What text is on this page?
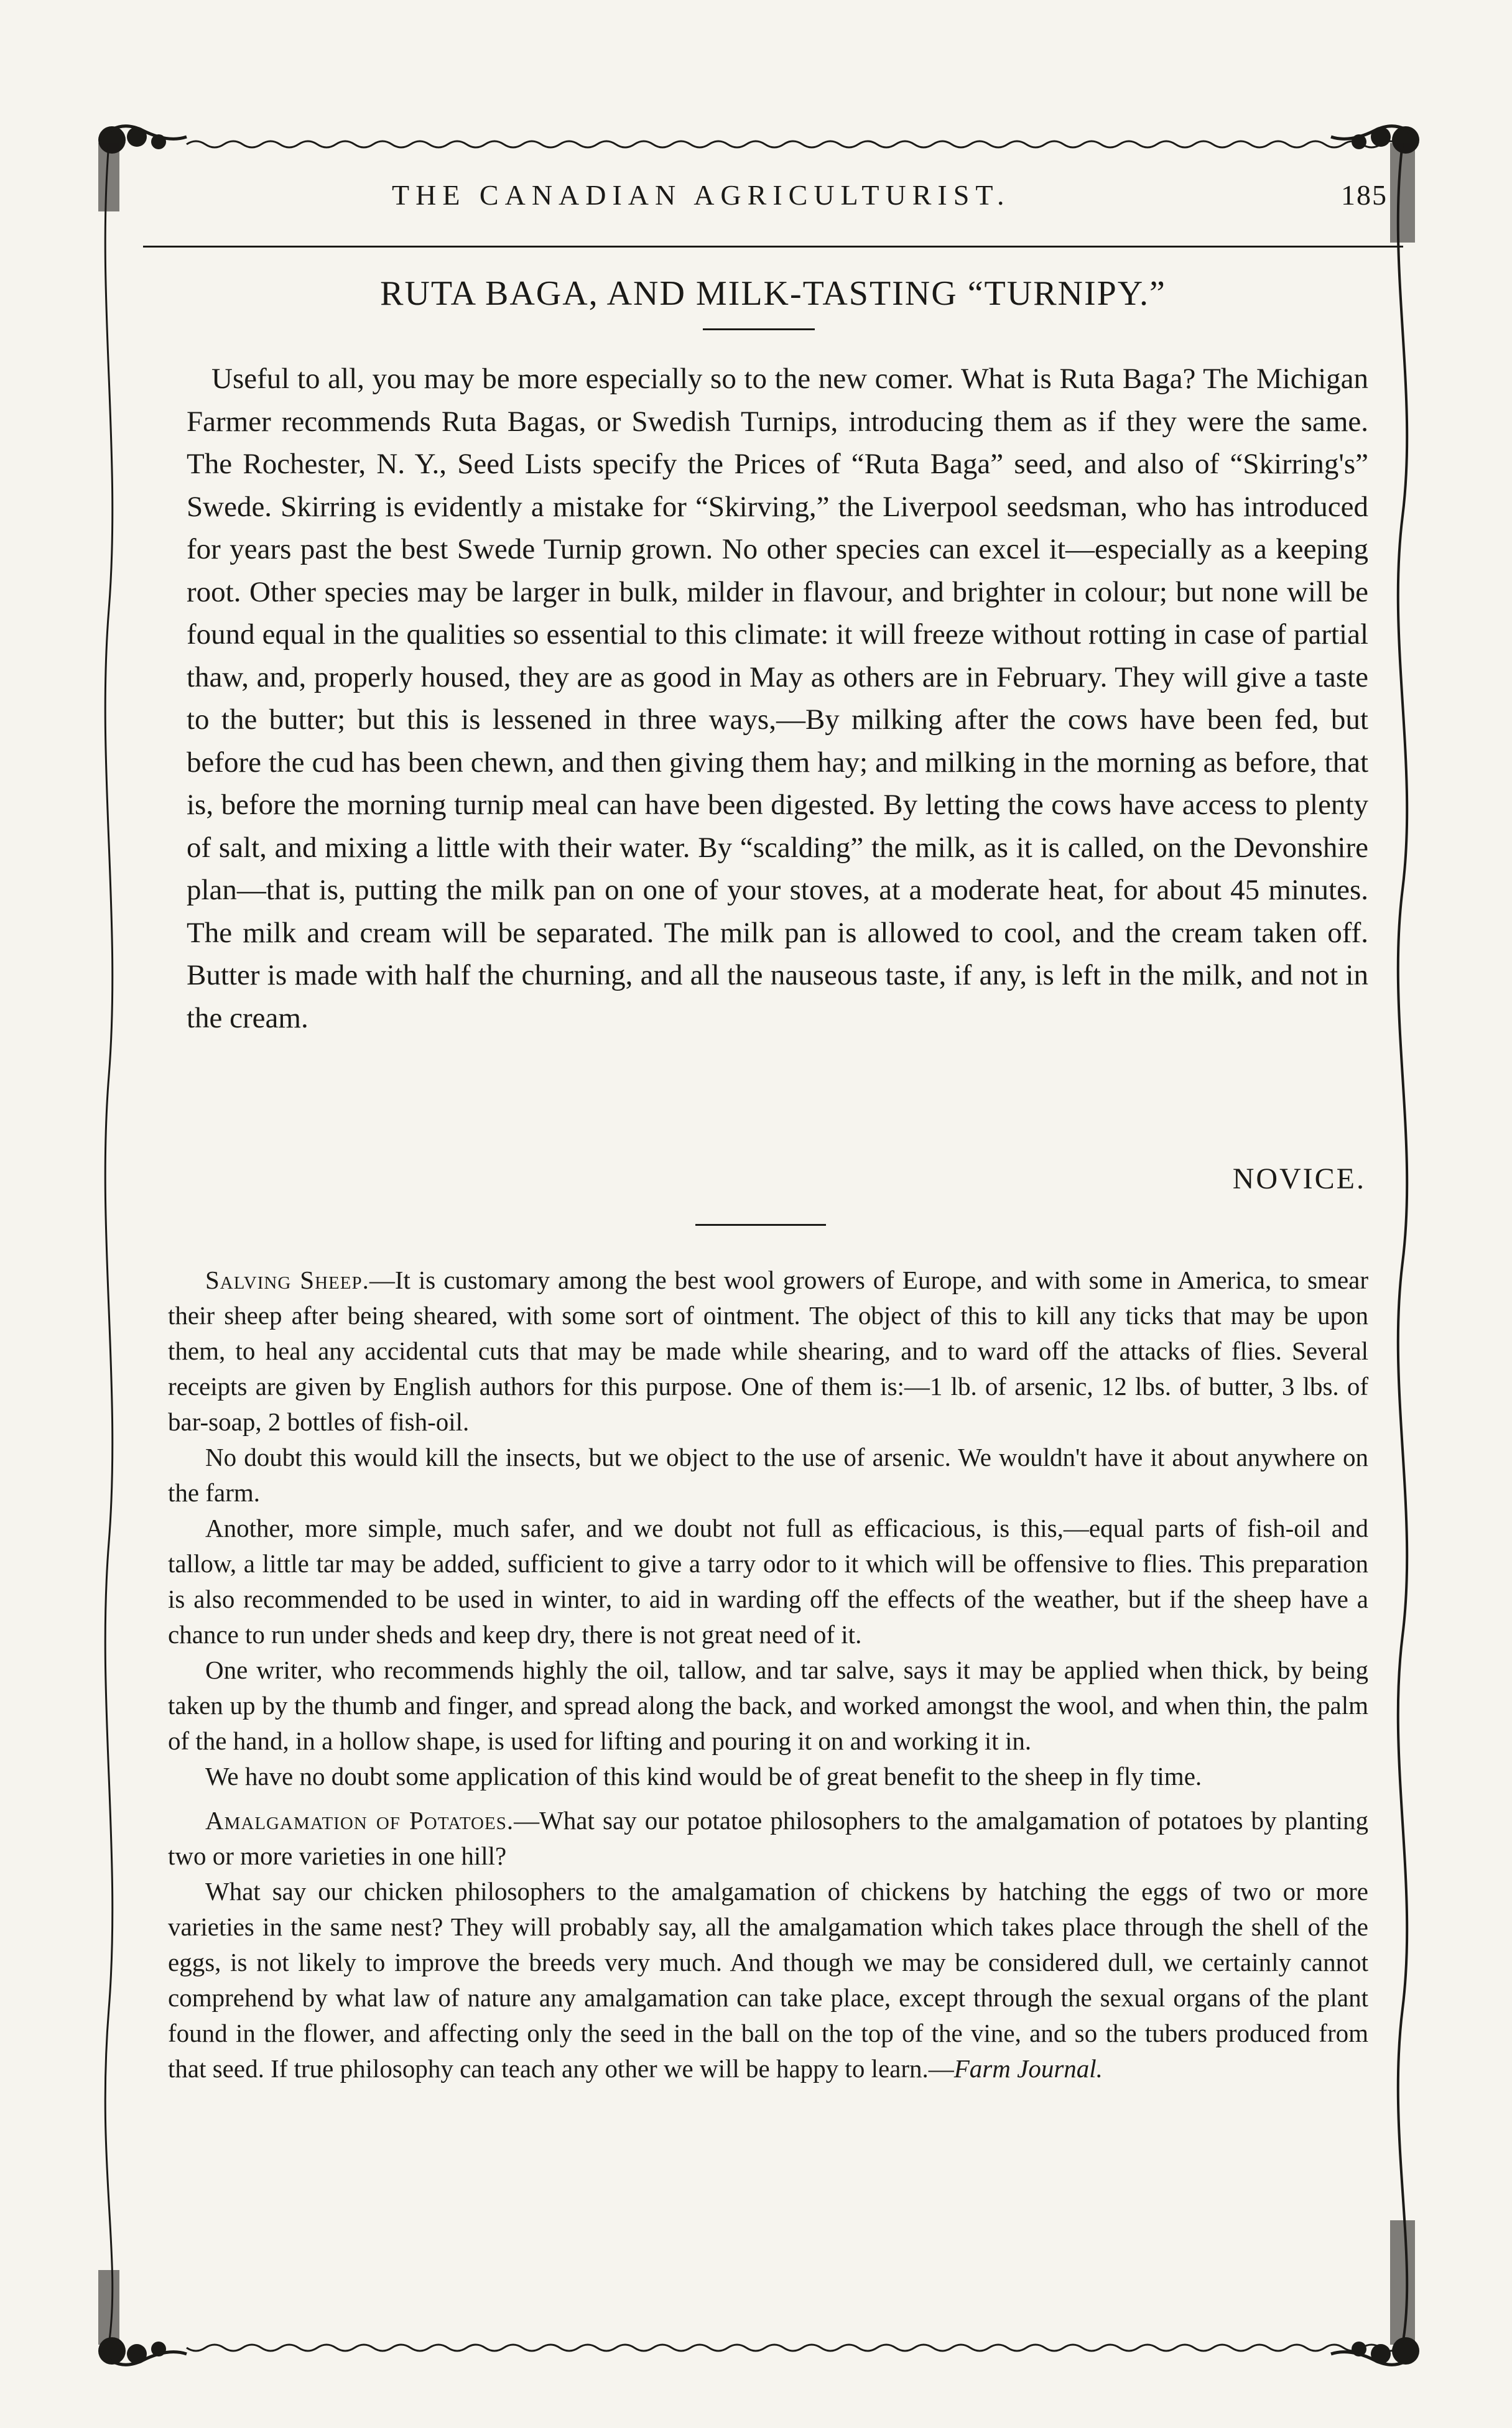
THE CANADIAN AGRICULTURIST.	185
RUTA BAGA, AND MILK-TASTING “TURNIPY.”

Useful to all, you may be more especially so to the new comer. What is Ruta Baga? The Michigan Farmer recommends Ruta Bagas, or Swedish Turnips, introducing them as if they were the same. The Rochester, N. Y., Seed Lists specify the Prices of “Ruta Baga” seed, and also of “Skirring's” Swede. Skirring is evidently a mistake for “Skirving,” the Liverpool seedsman, who has introduced for years past the best Swede Turnip grown. No other species can excel it—especially as a keeping root. Other species may be larger in bulk, milder in flavour, and brighter in colour; but none will be found equal in the qualities so essential to this climate: it will freeze without rotting in case of partial thaw, and, properly housed, they are as good in May as others are in February. They will give a taste to the butter; but this is lessened in three ways,—By milking after the cows have been fed, but before the cud has been chewn, and then giving them hay; and milking in the morning as before, that is, before the morning turnip meal can have been digested. By letting the cows have access to plenty of salt, and mixing a little with their water. By “scalding” the milk, as it is called, on the Devonshire plan—that is, putting the milk pan on one of your stoves, at a moderate heat, for about 45 minutes. The milk and cream will be separated. The milk pan is allowed to cool, and the cream taken off. Butter is made with half the churning, and all the nauseous taste, if any, is left in the milk, and not in the cream.

NOVICE.

Salving Sheep.—It is customary among the best wool growers of Europe, and with some in America, to smear their sheep after being sheared, with some sort of ointment. The object of this to kill any ticks that may be upon them, to heal any accidental cuts that may be made while shearing, and to ward off the attacks of flies. Several receipts are given by English authors for this purpose. One of them is:—1 lb. of arsenic, 12 lbs. of butter, 3 lbs. of bar-soap, 2 bottles of fish-oil.

No doubt this would kill the insects, but we object to the use of arsenic. We wouldn't have it about anywhere on the farm.

Another, more simple, much safer, and we doubt not full as efficacious, is this,—equal parts of fish-oil and tallow, a little tar may be added, sufficient to give a tarry odor to it which will be offensive to flies. This preparation is also recommended to be used in winter, to aid in warding off the effects of the weather, but if the sheep have a chance to run under sheds and keep dry, there is not great need of it.

One writer, who recommends highly the oil, tallow, and tar salve, says it may be applied when thick, by being taken up by the thumb and finger, and spread along the back, and worked amongst the wool, and when thin, the palm of the hand, in a hollow shape, is used for lifting and pouring it on and working it in.

We have no doubt some application of this kind would be of great benefit to the sheep in fly time.

Amalgamation of Potatoes.—What say our potatoe philosophers to the amalgamation of potatoes by planting two or more varieties in one hill?

What say our chicken philosophers to the amalgamation of chickens by hatching the eggs of two or more varieties in the same nest? They will probably say, all the amalgamation which takes place through the shell of the eggs, is not likely to improve the breeds very much. And though we may be considered dull, we certainly cannot comprehend by what law of nature any amalgamation can take place, except through the sexual organs of the plant found in the flower, and affecting only the seed in the ball on the top of the vine, and so the tubers produced from that seed. If true philosophy can teach any other we will be happy to learn.—Farm Journal.
